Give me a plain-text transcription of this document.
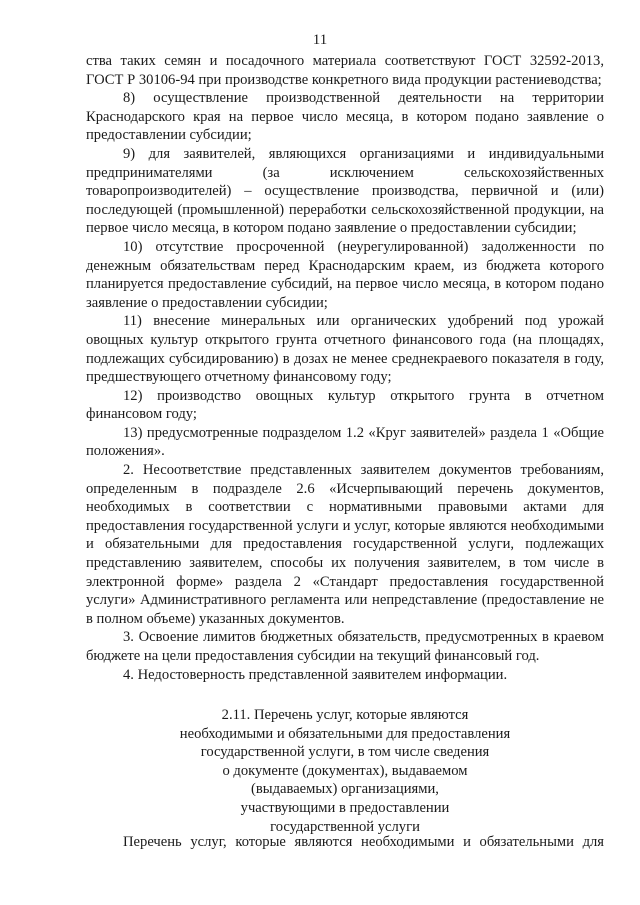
11

ства таких семян и посадочного материала соответствуют ГОСТ 32592-2013, ГОСТ Р 30106-94 при производстве конкретного вида продукции растениеводства;

8) осуществление производственной деятельности на территории Краснодарского края на первое число месяца, в котором подано заявление о предоставлении субсидии;

9) для заявителей, являющихся организациями и индивидуальными предпринимателями (за исключением сельскохозяйственных товаропроизводителей) – осуществление производства, первичной и (или) последующей (промышленной) переработки сельскохозяйственной продукции, на первое число месяца, в котором подано заявление о предоставлении субсидии;

10) отсутствие просроченной (неурегулированной) задолженности по денежным обязательствам перед Краснодарским краем, из бюджета которого планируется предоставление субсидий, на первое число месяца, в котором подано заявление о предоставлении субсидии;

11) внесение минеральных или органических удобрений под урожай овощных культур открытого грунта отчетного финансового года (на площадях, подлежащих субсидированию) в дозах не менее среднекраевого показателя в году, предшествующего отчетному финансовому году;

12) производство овощных культур открытого грунта в отчетном финансовом году;

13) предусмотренные подразделом 1.2 «Круг заявителей» раздела 1 «Общие положения».

2. Несоответствие представленных заявителем документов требованиям, определенным в подразделе 2.6 «Исчерпывающий перечень документов, необходимых в соответствии с нормативными правовыми актами для предоставления государственной услуги и услуг, которые являются необходимыми и обязательными для предоставления государственной услуги, подлежащих представлению заявителем, способы их получения заявителем, в том числе в электронной форме» раздела 2 «Стандарт предоставления государственной услуги» Административного регламента или непредставление (предоставление не в полном объеме) указанных документов.

3. Освоение лимитов бюджетных обязательств, предусмотренных в краевом бюджете на цели предоставления субсидии на текущий финансовый год.

4. Недостоверность представленной заявителем информации.

2.11. Перечень услуг, которые являются
необходимыми и обязательными для предоставления
государственной услуги, в том числе сведения
о документе (документах), выдаваемом
(выдаваемых) организациями,
участвующими в предоставлении
государственной услуги
Перечень услуг, которые являются необходимыми и обязательными для
